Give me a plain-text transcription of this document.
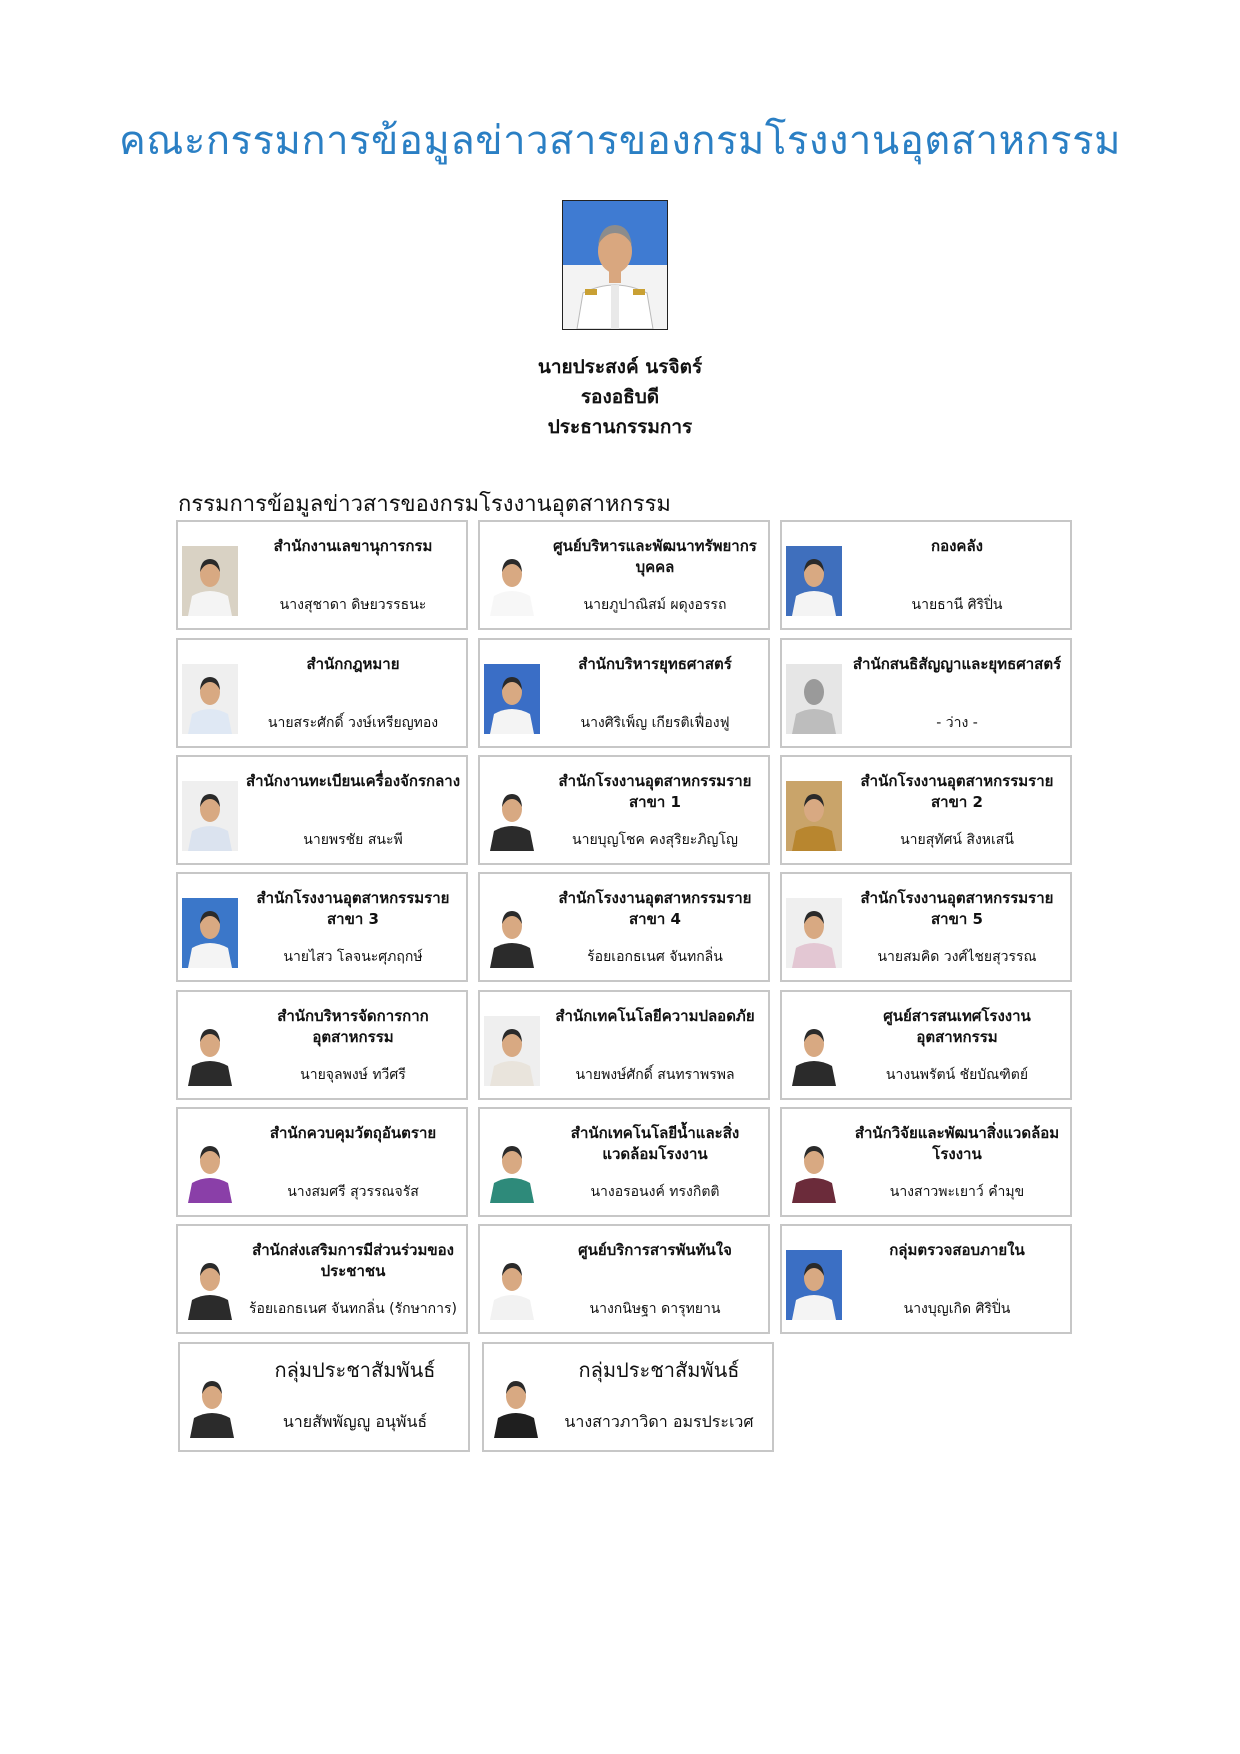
คณะกรรมการข้อมูลข่าวสารของกรมโรงงานอุตสาหกรรม
นายประสงค์ นรจิตร์
รองอธิบดี
ประธานกรรมการ
กรรมการข้อมูลข่าวสารของกรมโรงงานอุตสาหกรรม
สำนักงานเลขานุการกรม
นางสุชาดา ดิษยวรรธนะ
ศูนย์บริหารและพัฒนาทรัพยากรบุคคล
นายภูปาณิสม์ ผดุงอรรถ
กองคลัง
นายธานี ศิริปิ่น
สำนักกฎหมาย
นายสระศักดิ์ วงษ์เหรียญทอง
สำนักบริหารยุทธศาสตร์
นางศิริเพ็ญ เกียรติเฟื่องฟู
สำนักสนธิสัญญาและยุทธศาสตร์
- ว่าง -
สำนักงานทะเบียนเครื่องจักรกลาง
นายพรชัย สนะพี
สำนักโรงงานอุตสาหกรรมรายสาขา 1
นายบุญโชค คงสุริยะภิญโญ
สำนักโรงงานอุตสาหกรรมรายสาขา 2
นายสุทัศน์ สิงหเสนี
สำนักโรงงานอุตสาหกรรมรายสาขา 3
นายไสว โลจนะศุภฤกษ์
สำนักโรงงานอุตสาหกรรมรายสาขา 4
ร้อยเอกธเนศ จันทกลิ่น
สำนักโรงงานอุตสาหกรรมรายสาขา 5
นายสมคิด วงศ์ไชยสุวรรณ
สำนักบริหารจัดการกากอุตสาหกรรม
นายจุลพงษ์ ทวีศรี
สำนักเทคโนโลยีความปลอดภัย
นายพงษ์ศักดิ์ สนทราพรพล
ศูนย์สารสนเทศโรงงานอุตสาหกรรม
นางนพรัตน์ ชัยบัณฑิตย์
สำนักควบคุมวัตถุอันตราย
นางสมศรี สุวรรณจรัส
สำนักเทคโนโลยีน้ำและสิ่งแวดล้อมโรงงาน
นางอรอนงค์ ทรงกิตติ
สำนักวิจัยและพัฒนาสิ่งแวดล้อมโรงงาน
นางสาวพะเยาว์ คำมุข
สำนักส่งเสริมการมีส่วนร่วมของประชาชน
ร้อยเอกธเนศ จันทกลิ่น (รักษาการ)
ศูนย์บริการสารพันทันใจ
นางกนิษฐา ดารุทยาน
กลุ่มตรวจสอบภายใน
นางบุญเกิด ศิริปิ่น
กลุ่มประชาสัมพันธ์
นายสัพพัญญู อนุพันธ์
กลุ่มประชาสัมพันธ์
นางสาวภาวิดา อมรประเวศ
